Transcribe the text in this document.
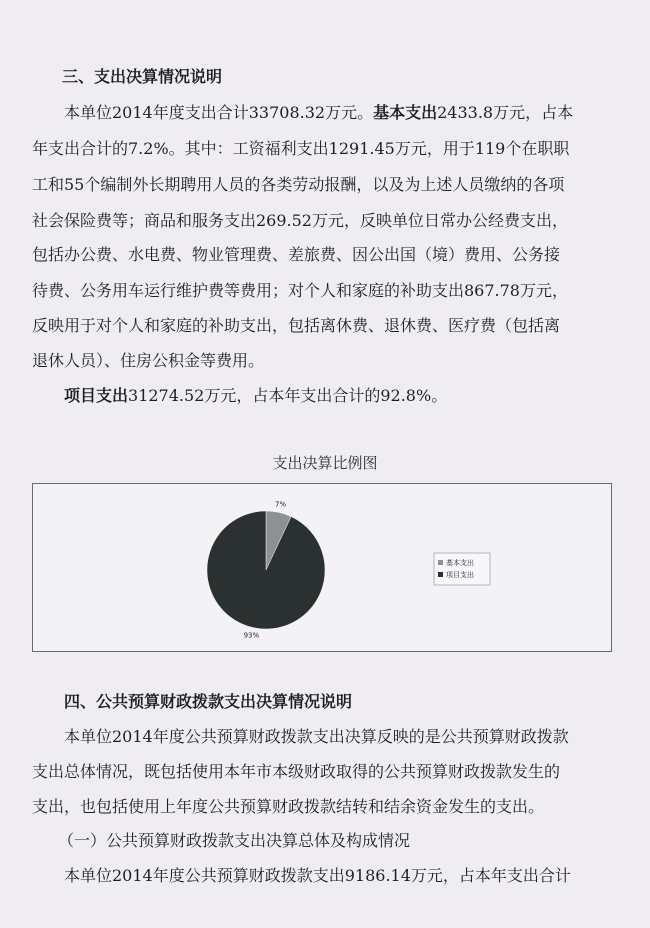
三、支出决算情况说明
本单位2014年度支出合计33708.32万元。基本支出2433.8万元，占本
年支出合计的7.2%。其中：工资福利支出1291.45万元，用于119个在职职
工和55个编制外长期聘用人员的各类劳动报酬，以及为上述人员缴纳的各项
社会保险费等；商品和服务支出269.52万元，反映单位日常办公经费支出，
包括办公费、水电费、物业管理费、差旅费、因公出国（境）费用、公务接
待费、公务用车运行维护费等费用；对个人和家庭的补助支出867.78万元，
反映用于对个人和家庭的补助支出，包括离休费、退休费、医疗费（包括离
退休人员）、住房公积金等费用。
项目支出31274.52万元，占本年支出合计的92.8%。
支出决算比例图
7%
93%
基本支出
项目支出
四、公共预算财政拨款支出决算情况说明
本单位2014年度公共预算财政拨款支出决算反映的是公共预算财政拨款
支出总体情况，既包括使用本年市本级财政取得的公共预算财政拨款发生的
支出，也包括使用上年度公共预算财政拨款结转和结余资金发生的支出。
（一）公共预算财政拨款支出决算总体及构成情况
本单位2014年度公共预算财政拨款支出9186.14万元，占本年支出合计
